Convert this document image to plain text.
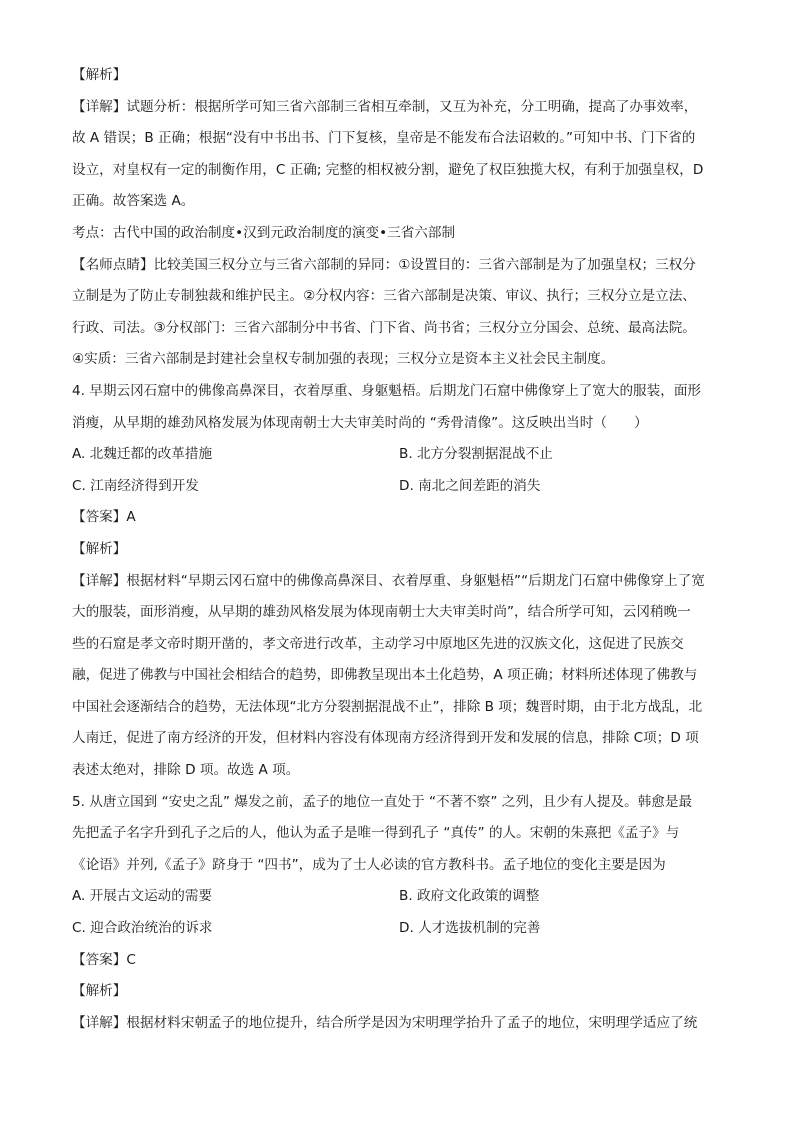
【解析】
【详解】试题分析：根据所学可知三省六部制三省相互牵制，又互为补充，分工明确，提高了办事效率，
故 A 错误；B 正确；根据“没有中书出书、门下复核，皇帝是不能发布合法诏敕的。”可知中书、门下省的
设立，对皇权有一定的制衡作用，C 正确; 完整的相权被分割，避免了权臣独揽大权，有利于加强皇权，D
正确。故答案选 A。
考点：古代中国的政治制度•汉到元政治制度的演变•三省六部制
【名师点睛】比较美国三权分立与三省六部制的异同：①设置目的：三省六部制是为了加强皇权；三权分
立制是为了防止专制独裁和维护民主。②分权内容：三省六部制是决策、审议、执行；三权分立是立法、
行政、司法。③分权部门：三省六部制分中书省、门下省、尚书省；三权分立分国会、总统、最高法院。
④实质：三省六部制是封建社会皇权专制加强的表现；三权分立是资本主义社会民主制度。
4. 早期云冈石窟中的佛像高鼻深目，衣着厚重、身躯魁梧。后期龙门石窟中佛像穿上了宽大的服装，面形
消瘦，从早期的雄劲风格发展为体现南朝士大夫审美时尚的 “秀骨清像”。这反映出当时（　　）
A. 北魏迁都的改革措施	B. 北方分裂割据混战不止
C. 江南经济得到开发	D. 南北之间差距的消失
【答案】A
【解析】
【详解】根据材料“早期云冈石窟中的佛像高鼻深目、衣着厚重、身躯魁梧”“后期龙门石窟中佛像穿上了宽
大的服装，面形消瘦，从早期的雄劲风格发展为体现南朝士大夫审美时尚”，结合所学可知，云冈稍晚一
些的石窟是孝文帝时期开凿的，孝文帝进行改革，主动学习中原地区先进的汉族文化，这促进了民族交
融，促进了佛教与中国社会相结合的趋势，即佛教呈现出本土化趋势，A 项正确；材料所述体现了佛教与
中国社会逐渐结合的趋势，无法体现“北方分裂割据混战不止”，排除 B 项；魏晋时期，由于北方战乱，北
人南迁，促进了南方经济的开发，但材料内容没有体现南方经济得到开发和发展的信息，排除 C项；D 项
表述太绝对，排除 D 项。故选 A 项。
5. 从唐立国到 “安史之乱” 爆发之前，孟子的地位一直处于 “不著不察” 之列，且少有人提及。韩愈是最
先把孟子名字升到孔子之后的人，他认为孟子是唯一得到孔子 “真传” 的人。宋朝的朱熹把《孟子》与
《论语》并列,《孟子》跻身于 “四书”，成为了士人必读的官方教科书。孟子地位的变化主要是因为
A. 开展古文运动的需要	B. 政府文化政策的调整
C. 迎合政治统治的诉求	D. 人才选拔机制的完善
【答案】C
【解析】
【详解】根据材料宋朝孟子的地位提升，结合所学是因为宋明理学抬升了孟子的地位，宋明理学适应了统
